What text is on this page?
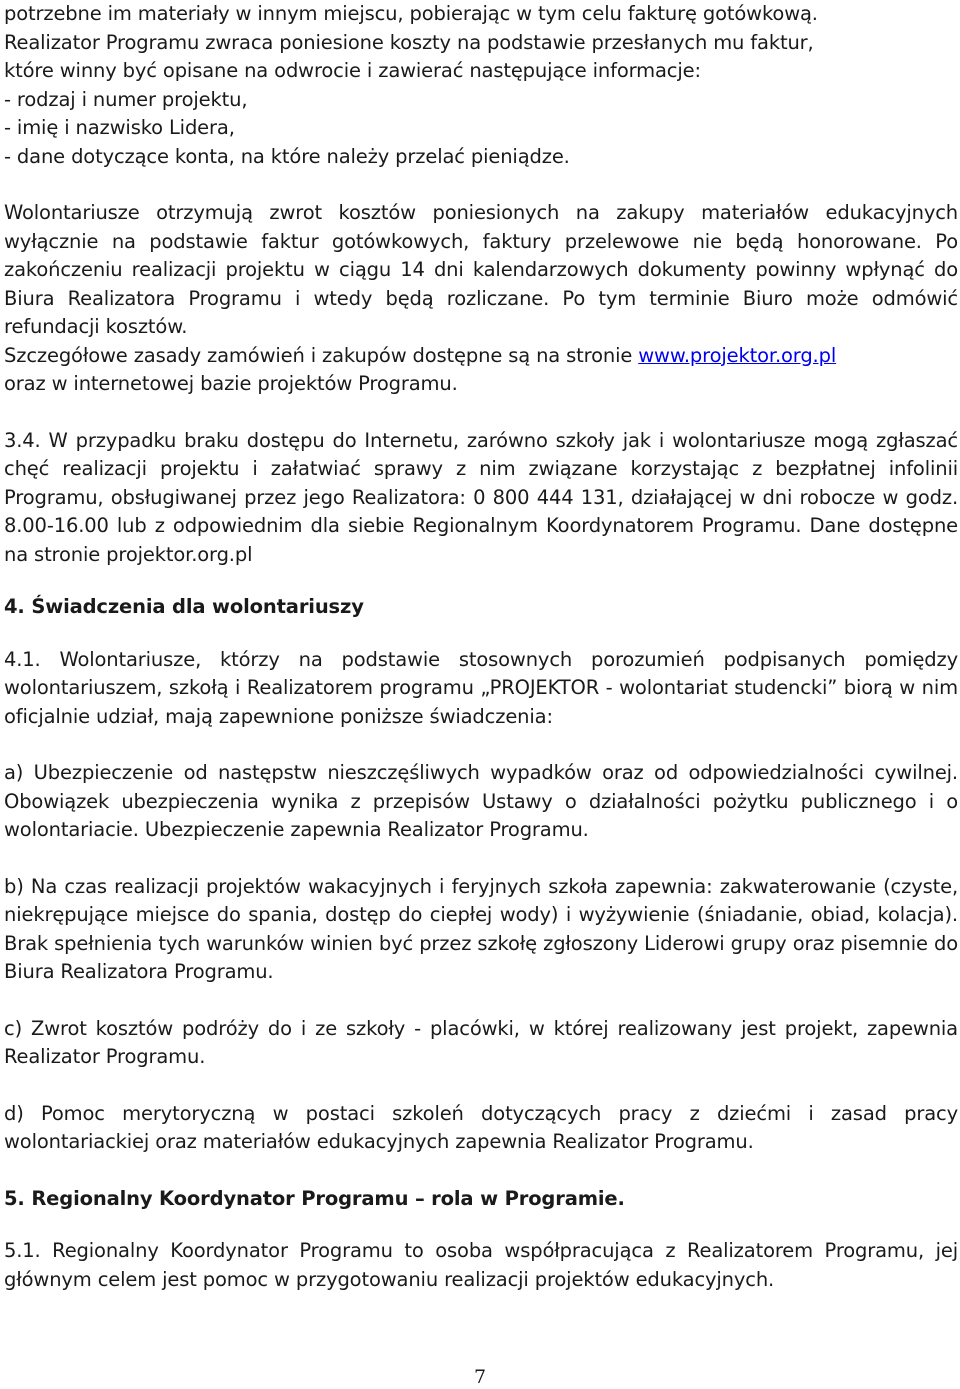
potrzebne im materiały w innym miejscu, pobierając w tym celu fakturę gotówkową.
Realizator Programu zwraca poniesione koszty na podstawie przesłanych mu faktur,
które winny być opisane na odwrocie i zawierać następujące informacje:
- rodzaj i numer projektu,
- imię i nazwisko Lidera,
- dane dotyczące konta, na które należy przelać pieniądze.
Wolontariusze otrzymują zwrot kosztów poniesionych na zakupy materiałów edukacyjnych wyłącznie na podstawie faktur gotówkowych, faktury przelewowe nie będą honorowane. Po zakończeniu realizacji projektu w ciągu 14 dni kalendarzowych dokumenty powinny wpłynąć do Biura Realizatora Programu i wtedy będą rozliczane. Po tym terminie Biuro może odmówić refundacji kosztów.
Szczegółowe zasady zamówień i zakupów dostępne są na stronie www.projektor.org.pl
oraz w internetowej bazie projektów Programu.
3.4. W przypadku braku dostępu do Internetu, zarówno szkoły jak i wolontariusze mogą zgłaszać chęć realizacji projektu i załatwiać sprawy z nim związane korzystając z bezpłatnej infolinii Programu, obsługiwanej przez jego Realizatora: 0 800 444 131, działającej w dni robocze w godz. 8.00-16.00 lub z odpowiednim dla siebie Regionalnym Koordynatorem Programu. Dane dostępne na stronie projektor.org.pl
4. Świadczenia dla wolontariuszy
4.1. Wolontariusze, którzy na podstawie stosownych porozumień podpisanych pomiędzy wolontariuszem, szkołą i Realizatorem programu „PROJEKTOR - wolontariat studencki” biorą w nim oficjalnie udział, mają zapewnione poniższe świadczenia:
a) Ubezpieczenie od następstw nieszczęśliwych wypadków oraz od odpowiedzialności cywilnej. Obowiązek ubezpieczenia wynika z przepisów Ustawy o działalności pożytku publicznego i o wolontariacie. Ubezpieczenie zapewnia Realizator Programu.
b) Na czas realizacji projektów wakacyjnych i feryjnych szkoła zapewnia: zakwaterowanie (czyste, niekrępujące miejsce do spania, dostęp do ciepłej wody) i wyżywienie (śniadanie, obiad, kolacja). Brak spełnienia tych warunków winien być przez szkołę zgłoszony Liderowi grupy oraz pisemnie do Biura Realizatora Programu.
c) Zwrot kosztów podróży do i ze szkoły - placówki, w której realizowany jest projekt, zapewnia Realizator Programu.
d) Pomoc merytoryczną w postaci szkoleń dotyczących pracy z dziećmi i zasad pracy wolontariackiej oraz materiałów edukacyjnych zapewnia Realizator Programu.
5. Regionalny Koordynator Programu – rola w Programie.
5.1. Regionalny Koordynator Programu to osoba współpracująca z Realizatorem Programu, jej głównym celem jest pomoc w przygotowaniu realizacji projektów edukacyjnych.
7
